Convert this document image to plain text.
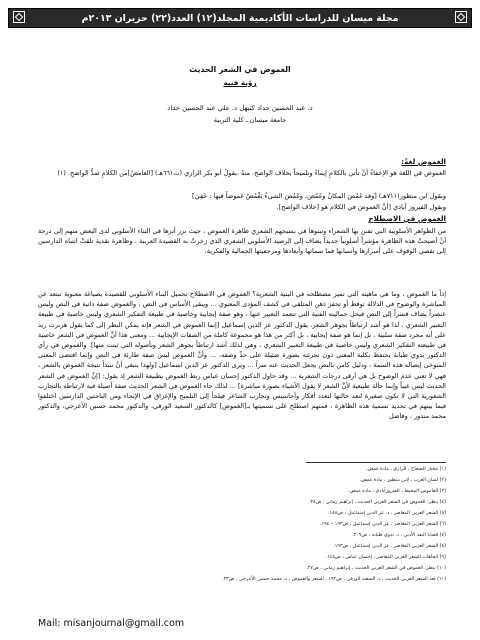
مجلة ميسان للدراسات الأكاديمية المجلد(١٢) العدد(٢٢) حزيران ٢٠١٣م
الغموض في الشعر الحديث
رؤية فنية
د. عبد الحسين حداد كتيهل د. علي عبد الحسين حداد
جامعة ميسان ـ كلية التربية
الغموض لغةً:
الغموض في اللغة هو الإخفاءُ أنْ تأتي بالكلامِ إيماءً وتلميحاً بخلاف الواضح. منهُ ،يقولُ أبو بكر الرازي (ت٦٦١هـ) [الغامضُ]من الكلامِ ضدُّ الواضحِ. (١)
ويقول ابن منظور(٧١١هـ) [وقد غَمُضَ المكانُ وغَمُضَ، وغَمُضَ الشيءُ يَغْمُضُ غموضاً فيها : خَفِيَ]
ويقول الفيروز آبادي [أنَّ الغموضَ في الكلام هو [خلاف الواضح].
الغموض في الاصطلاح
من الظواهر الأسلوبية التي تفنن بها الشعراء وتبنوها في نسيجهم الشعري ظاهرة الغموض ، حيث برز أترها في البناء الأسلوبي لدى البعض منهم إلى درجة أنْ أصبحتْ هذه الظاهرة مؤشراً أسلوبياً جديداً يضاف إلى الرصيد الأسلوبي الشعري الذي زخرتْ به القصيدة العربية ، وظاهرة نقدية تلقتْ انتباه الدارسين إلى تقصي الوقوف على أسرارها وأسبابها فما سماتها وأبعادها ومرجعيتها الجمالية والفكرية.
إذاً ما الغموض ، وما هي ماهيته التي تميز مصطلحه في البنية الشعرية؟ الغموض في الاصطلاح تحميل البناء الأسلوبي للقصيدة بصياغة معنوية تبتعد عن المباشرة والوضوح في الدلالة توقظ أو تحفز ذهن المتلقي في كشف المؤدى المعنوي ... ويبقى الأساس في النص ، والغموض صفة ذاتية في النص وليس عنصراً يضاف قسراً إلى النص فيحل جماليته الفنية التي تتعمد التعبير عنها ، وهو صفة إيجابية وخاصية في طبيعة التفكير الشعري وليس خاصية في طبيعة التعبير الشعري . لذا هو أشد ارتباطاً بجوهر الشعر. يقول الدكتور عز الدين إسماعيل [إنما الغموض في الشعر فإنه يمكن النظر إلى كما يقول هربرت ريد على أنه مجرد صفة سلبية ، بل إنما هو صفة إيجابية ، بل أكثر من هذا هو مجموعة كاملة من الصفات الإيجابية ... ومعنى هذا أنَّ الغموض في الشعر خاصية في طبيعته التفكير الشعري وليس خاصية في طبيعة التعبير الشعري ، وهي لذلك أشد ارتباطاً بجوهر الشعر وبأصوله التي ثبتت منها]. والغموض في رأي الدكتور بدوي طبانة يحتفظ بكلية المعنى دون تجزئته بصورة ضئيلة على حدِّ وصفه، ... وأنَّ الغموض ليس صفة طارئة في النص وإنما اقتضى المعنى المتوخى إيصاله هذه السمة ، ودليل كامن بالنص يجعل الحديث عنه سراً ... ويرى الدكتور عز الدين اسماعيل [ولهذا ينبغي أنْ ننبذاً نتيجة الغموض بالشعر ، فهي لا تعني عدم الوضوح بل هي أرقى درجات الشعرية ... وقد حاول الدكتور إحسان عباس ربط الغموض بطبيعة الشعر إذ يقول: [إنَّ الغموض في الشعر الحديث ليس عيباً وإنما حالة طبيعية لأنَّ الشعر لا يقول الأشياء بصورة مباشرة] ... لذلك جاء الغموض في الشعر الحديث صفة أصيلة فيه لارتباطه بالتجارب الشعورية التي لا تكون صغيرة لتعد حالتها لتعدد أفكار وأحاسيس وتجارب الشاعر فيلجأ إلى التلميح والإغراق في الإيحاء ومن الباحثين الدارسين اختلفوا فيما بينهم في تحديد تسمية هذه الظاهرة ، فمنهم اصطلح على تسميتها بـ[الغموض] كالدكتور السعيد الورقي، والدكتور محمد حسين الأعرجي، والدكتور محمد مندور ، وفاضل
(١) مختار الصحاح ، للرازي ، مادة غمض.
(٢) لسان العرب ، لابن منظور ، مادة غمض.
(٣) القاموس المحيط ، للفيروزآبادي ، مادة غمض.
(٤) ينظر: الغموض في الشعر العربي الحديث ، إبراهيم رماني ، ص٣٨.
(٥) الشعر العربي المعاصر ، د. عز الدين إسماعيل ، ص١٨٨.
(٦) الشعر العربي المعاصر ، عز الدين إسماعيل ، ص١٩٣ – ١٩٤.
(٧) قضايا النقد الأدبي ، د. بدوي طبانة ، ص٣٠٩.
(٨) الشعر العربي المعاصر ، عز الدين إسماعيل ، ص١٩٣.
(٩) اتجاهات الشعر العربي المعاصر ، إحسان عباس ، ص١٤٥.
(١٠) ينظر: الغموض في الشعر العربي الحديث ، إبراهيم رماني ، ص٢٧.
(١١) لغة الشعر العربي الحديث ، د. السعيد الورقي ، ص١٩٢ ، الشعر والغموض ، د. محمد حسين الأعرجي ، ص٣٣.
Mail: misanjournal@gmail.com
